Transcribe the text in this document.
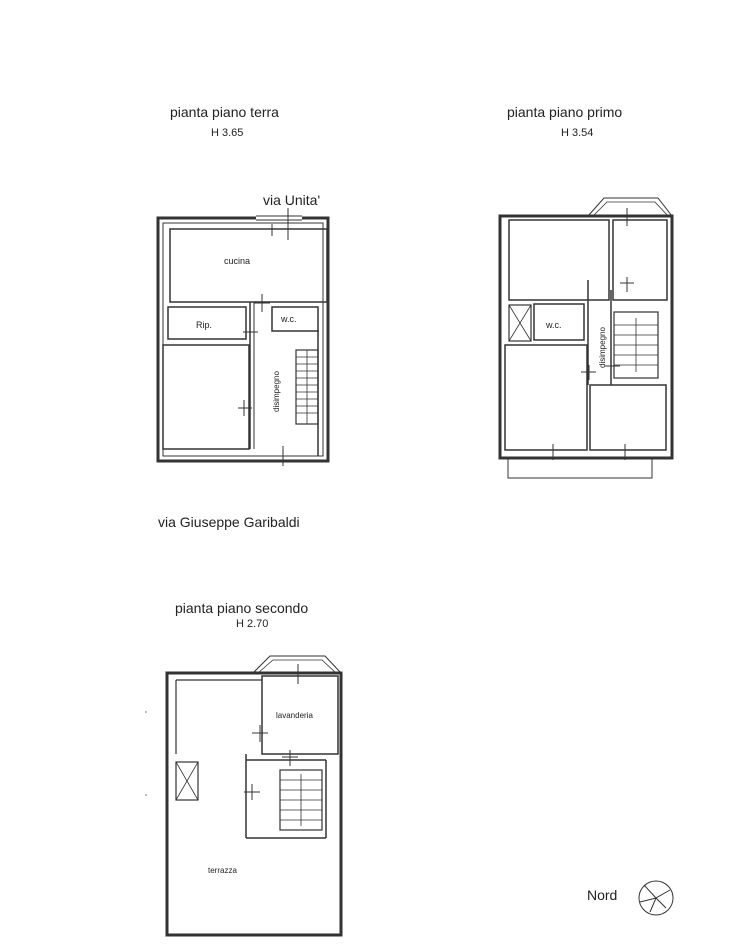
pianta piano terra
H 3.65
via Unita'
via Giuseppe Garibaldi
pianta piano primo
H 3.54
pianta piano secondo
H 2.70
Nord
cucina
Rip.
w.c.
disimpegno
w.c.
disimpegno
lavanderia
terrazza
